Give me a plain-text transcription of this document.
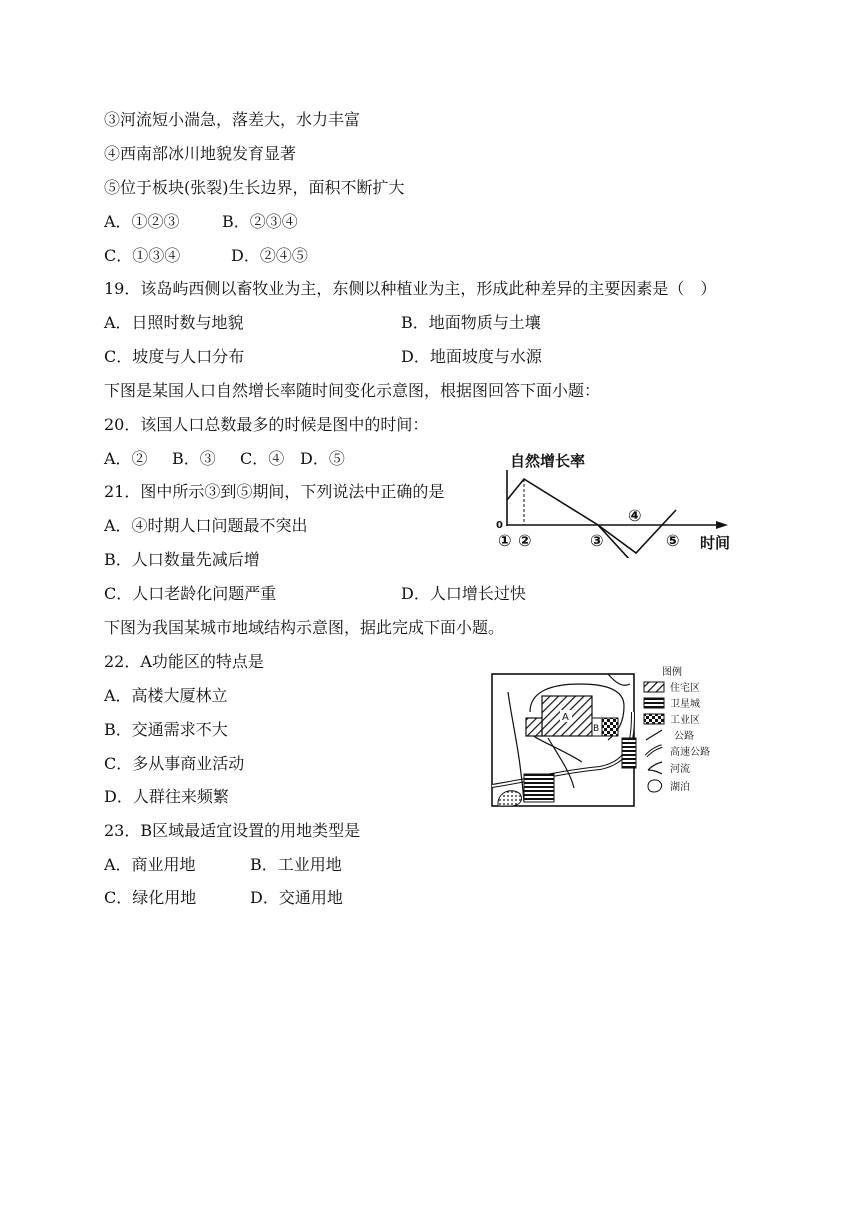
③河流短小湍急，落差大，水力丰富
④西南部冰川地貌发育显著
⑤位于板块(张裂)生长边界，面积不断扩大
A．①②③	B．②③④
C．①③④	D．②④⑤
19．该岛屿西侧以畜牧业为主，东侧以种植业为主，形成此种差异的主要因素是（　）
A．日照时数与地貌	B．地面物质与土壤
C．坡度与人口分布	D．地面坡度与水源
下图是某国人口自然增长率随时间变化示意图，根据图回答下面小题：
20．该国人口总数最多的时候是图中的时间：
A．② B．③ C．④ D．⑤
21．图中所示③到⑤期间，下列说法中正确的是
A．④时期人口问题最不突出
B．人口数量先减后增
C．人口老龄化问题严重	D．人口增长过快
自然增长率
0
① ②	③
④
⑤ 时间
下图为我国某城市地域结构示意图，据此完成下面小题。
22．A功能区的特点是
A．高楼大厦林立
B．交通需求不大
C．多从事商业活动
D．人群往来频繁
23．B区域最适宜设置的用地类型是
A．商业用地	B．工业用地
C．绿化用地	D．交通用地
A
B
图例
住宅区
卫星城
工业区
公路
高速公路
河流
湖泊
